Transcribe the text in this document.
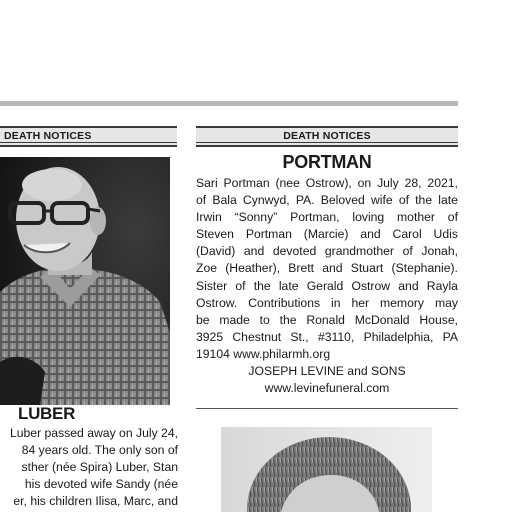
DEATH NOTICES
LUBER
Luber passed away on July 24,
84 years old. The only son of
sther (née Spira) Luber, Stan
his devoted wife Sandy (née
er, his children Ilisa, Marc, and
DEATH NOTICES
PORTMAN
Sari Portman (nee Ostrow), on July 28, 2021,
of Bala Cynwyd, PA. Beloved wife of the late
Irwin “Sonny” Portman, loving mother of
Steven Portman (Marcie) and Carol Udis
(David) and devoted grandmother of Jonah,
Zoe (Heather), Brett and Stuart (Stephanie).
Sister of the late Gerald Ostrow and Rayla
Ostrow. Contributions in her memory may
be made to the Ronald McDonald House,
3925 Chestnut St., #3110, Philadelphia, PA
19104 www.philarmh.org
JOSEPH LEVINE and SONS
www.levinefuneral.com
